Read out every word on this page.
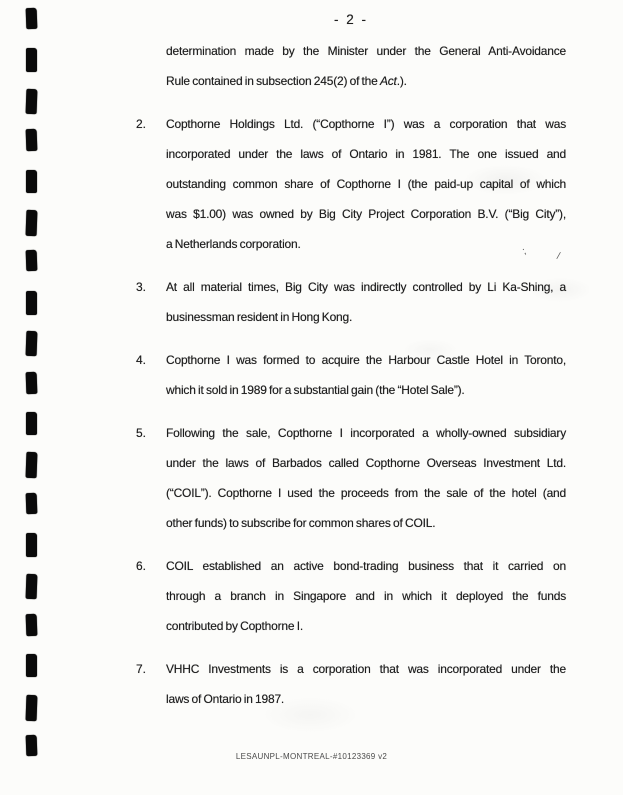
- 2 -
determination made by the Minister under the General Anti-Avoidance
Rule contained in subsection 245(2) of the Act.).
2.	Copthorne Holdings Ltd. (“Copthorne I”) was a corporation that was
incorporated under the laws of Ontario in 1981. The one issued and
outstanding common share of Copthorne I (the paid-up capital of which
was $1.00) was owned by Big City Project Corporation B.V. (“Big City”),
a Netherlands corporation.
3.	At all material times, Big City was indirectly controlled by Li Ka-Shing, a
businessman resident in Hong Kong.
4.	Copthorne I was formed to acquire the Harbour Castle Hotel in Toronto,
which it sold in 1989 for a substantial gain (the “Hotel Sale”).
5.	Following the sale, Copthorne I incorporated a wholly-owned subsidiary
under the laws of Barbados called Copthorne Overseas Investment Ltd.
(“COIL”). Copthorne I used the proceeds from the sale of the hotel (and
other funds) to subscribe for common shares of COIL.
6.	COIL established an active bond-trading business that it carried on
through a branch in Singapore and in which it deployed the funds
contributed by Copthorne I.
7.	VHHC Investments is a corporation that was incorporated under the
laws of Ontario in 1987.
;	/
LESAUNPL-MONTREAL-#10123369 v2
